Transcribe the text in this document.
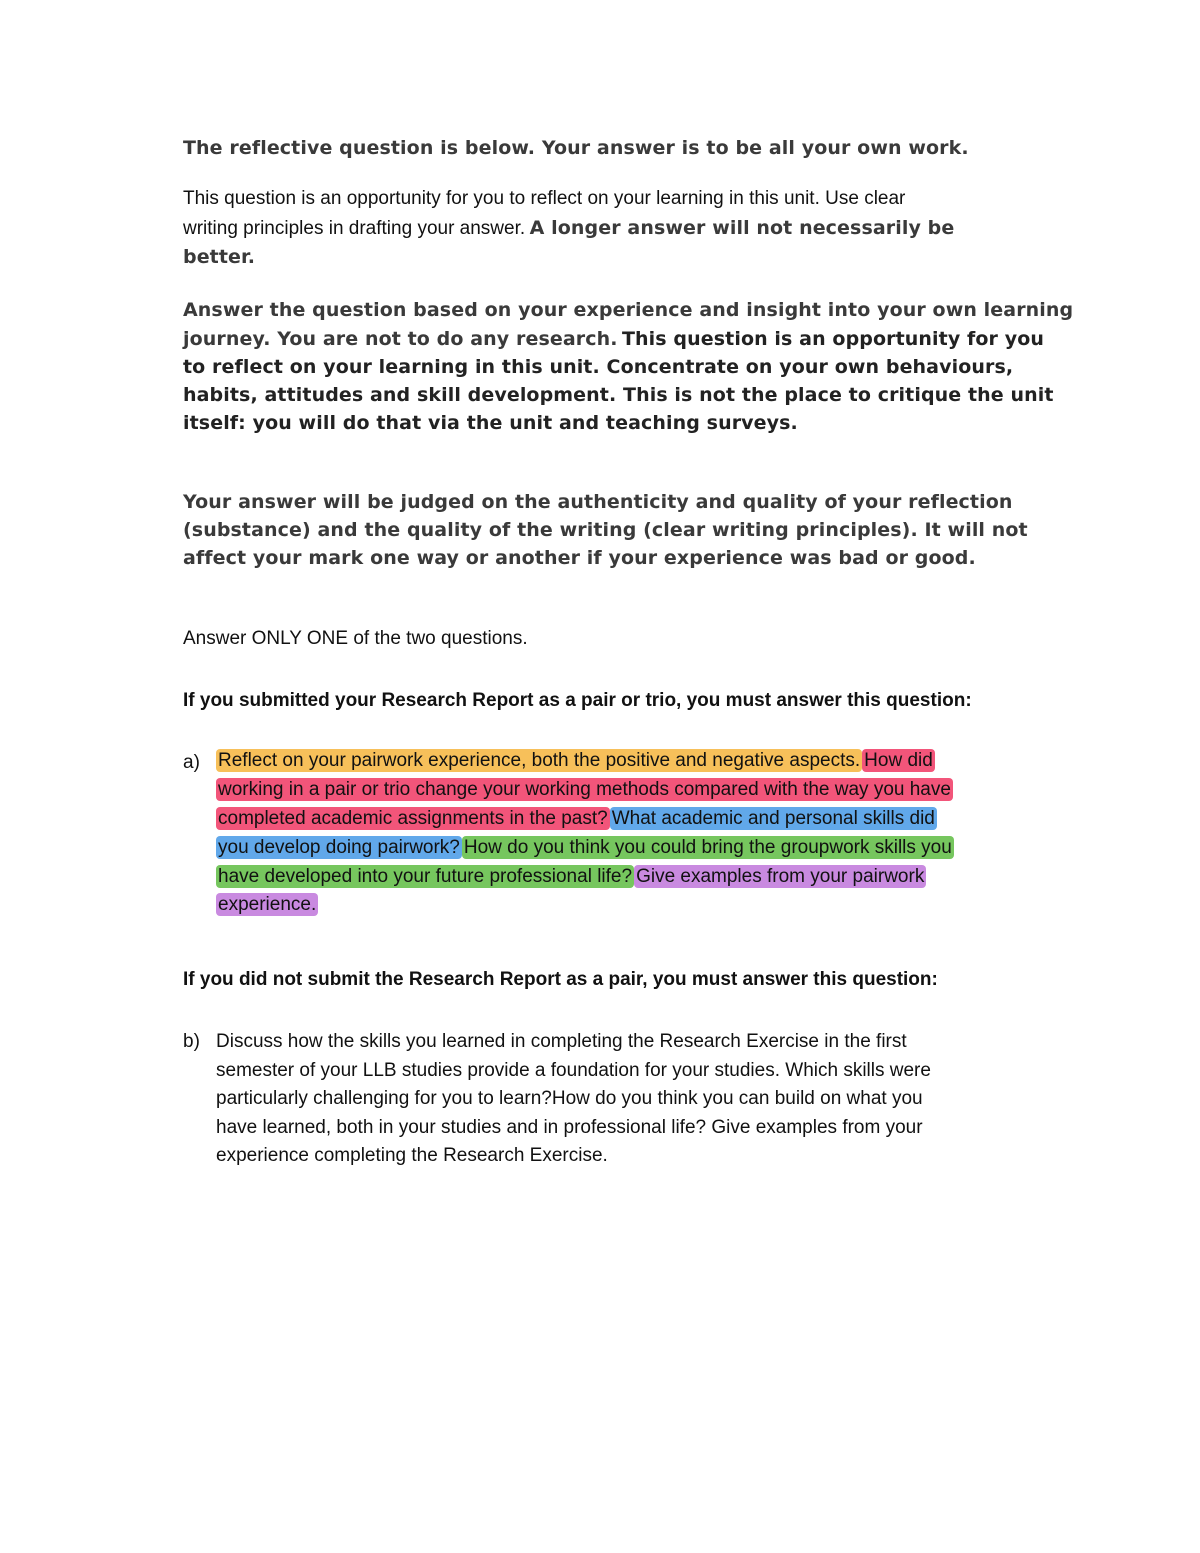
The reflective question is below. Your answer is to be all your own work.
This question is an opportunity for you to reflect on your learning in this unit. Use clear
writing principles in drafting your answer. A longer answer will not necessarily be
better.
Answer the question based on your experience and insight into your own learning
journey. You are not to do any research. This question is an opportunity for you
to reflect on your learning in this unit. Concentrate on your own behaviours,
habits, attitudes and skill development. This is not the place to critique the unit
itself: you will do that via the unit and teaching surveys.
Your answer will be judged on the authenticity and quality of your reflection
(substance) and the quality of the writing (clear writing principles). It will not
affect your mark one way or another if your experience was bad or good.
Answer ONLY ONE of the two questions.
If you submitted your Research Report as a pair or trio, you must answer this question:
a) Reflect on your pairwork experience, both the positive and negative aspects. How did
working in a pair or trio change your working methods compared with the way you have
completed academic assignments in the past? What academic and personal skills did
you develop doing pairwork? How do you think you could bring the groupwork skills you
have developed into your future professional life? Give examples from your pairwork
experience.
If you did not submit the Research Report as a pair, you must answer this question:
b) Discuss how the skills you learned in completing the Research Exercise in the first
semester of your LLB studies provide a foundation for your studies. Which skills were
particularly challenging for you to learn?How do you think you can build on what you
have learned, both in your studies and in professional life? Give examples from your
experience completing the Research Exercise.
